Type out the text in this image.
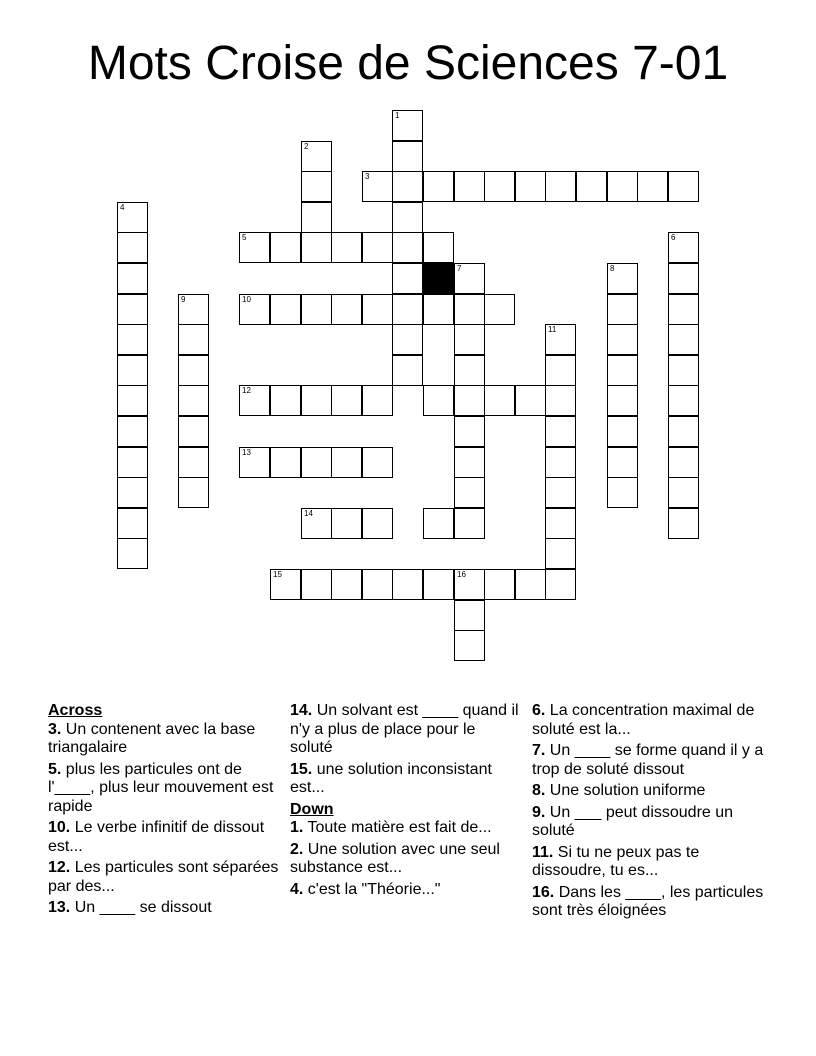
Mots Croise de Sciences 7-01
1
2
3
4
5	6
7	8
9	10
11
12
13
14
15	16

Across

3. Un contenent avec la base triangalaire

5. plus les particules ont de l'____, plus leur mouvement est rapide

10. Le verbe infinitif de dissout est...

12. Les particules sont séparées par des...

13. Un ____ se dissout

14. Un solvant est ____ quand il n'y a plus de place pour le soluté

15. une solution inconsistant est...

Down

1. Toute matière est fait de...

2. Une solution avec une seul substance est...

4. c'est la "Théorie..."

6. La concentration maximal de soluté est la...

7. Un ____ se forme quand il y a trop de soluté dissout

8. Une solution uniforme

9. Un ___ peut dissoudre un soluté

11. Si tu ne peux pas te dissoudre, tu es...

16. Dans les ____, les particules sont très éloignées
